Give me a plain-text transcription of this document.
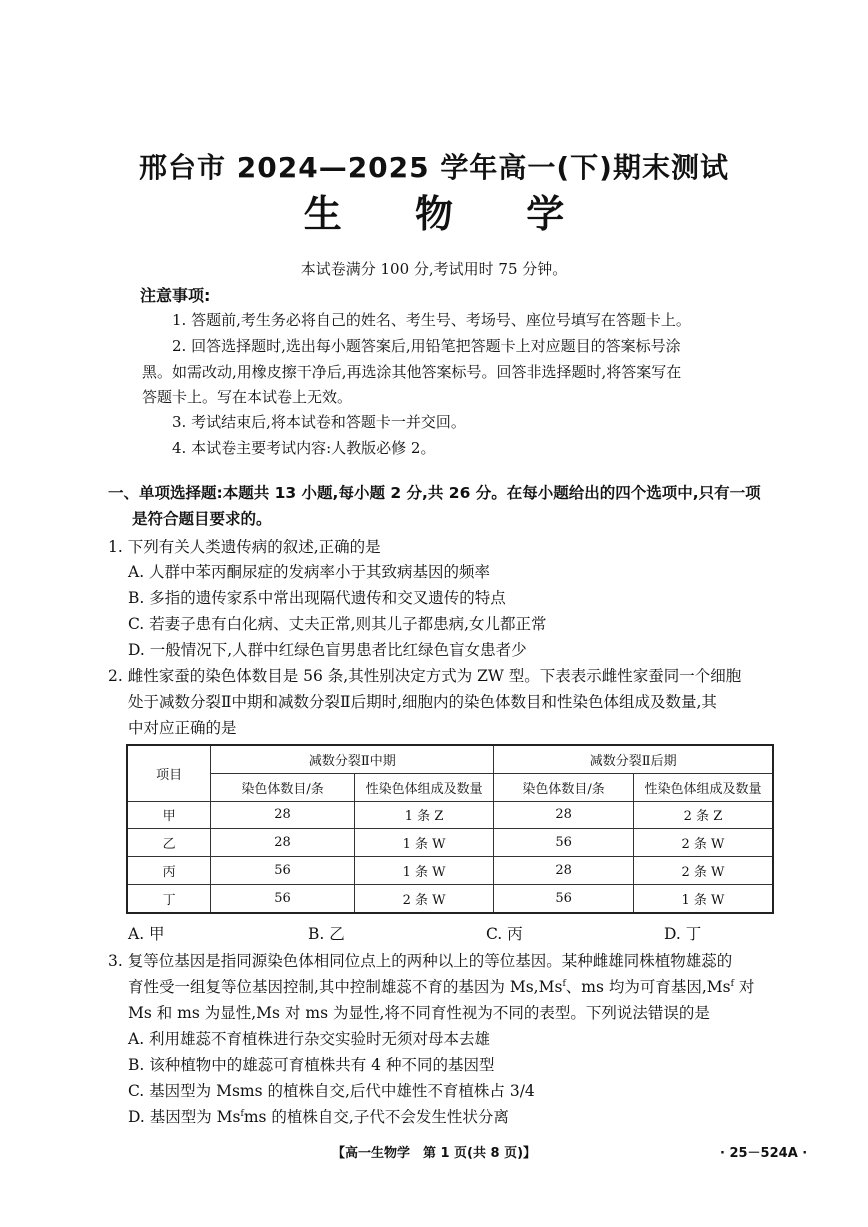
邢台市 2024—2025 学年高一(下)期末测试
生 物 学
本试卷满分 100 分,考试用时 75 分钟。
注意事项:
1. 答题前,考生务必将自己的姓名、考生号、考场号、座位号填写在答题卡上。
2. 回答选择题时,选出每小题答案后,用铅笔把答题卡上对应题目的答案标号涂
黑。如需改动,用橡皮擦干净后,再选涂其他答案标号。回答非选择题时,将答案写在
答题卡上。写在本试卷上无效。
3. 考试结束后,将本试卷和答题卡一并交回。
4. 本试卷主要考试内容:人教版必修 2。
一、单项选择题:本题共 13 小题,每小题 2 分,共 26 分。在每小题给出的四个选项中,只有一项
是符合题目要求的。
1. 下列有关人类遗传病的叙述,正确的是
A. 人群中苯丙酮尿症的发病率小于其致病基因的频率
B. 多指的遗传家系中常出现隔代遗传和交叉遗传的特点
C. 若妻子患有白化病、丈夫正常,则其儿子都患病,女儿都正常
D. 一般情况下,人群中红绿色盲男患者比红绿色盲女患者少
2. 雌性家蚕的染色体数目是 56 条,其性别决定方式为 ZW 型。下表表示雌性家蚕同一个细胞
处于减数分裂Ⅱ中期和减数分裂Ⅱ后期时,细胞内的染色体数目和性染色体组成及数量,其
中对应正确的是
项目	减数分裂Ⅱ中期		减数分裂Ⅱ后期	
	染色体数目/条	性染色体组成及数量	染色体数目/条	性染色体组成及数量
甲	28	1 条 Z	28	2 条 Z
乙	28	1 条 W	56	2 条 W
丙	56	1 条 W	28	2 条 W
丁	56	2 条 W	56	1 条 W
A. 甲	B. 乙	C. 丙	D. 丁
3. 复等位基因是指同源染色体相同位点上的两种以上的等位基因。某种雌雄同株植物雄蕊的
育性受一组复等位基因控制,其中控制雄蕊不育的基因为 Ms,Ms$^f$、ms 均为可育基因,Ms$^f$ 对
Ms 和 ms 为显性,Ms 对 ms 为显性,将不同育性视为不同的表型。下列说法错误的是
A. 利用雄蕊不育植株进行杂交实验时无须对母本去雄
B. 该种植物中的雄蕊可育植株共有 4 种不同的基因型
C. 基因型为 Msms 的植株自交,后代中雄性不育植株占 3/4
D. 基因型为 Ms$^f$ms 的植株自交,子代不会发生性状分离
【高一生物学　第 1 页(共 8 页)】	· 25－524A ·
